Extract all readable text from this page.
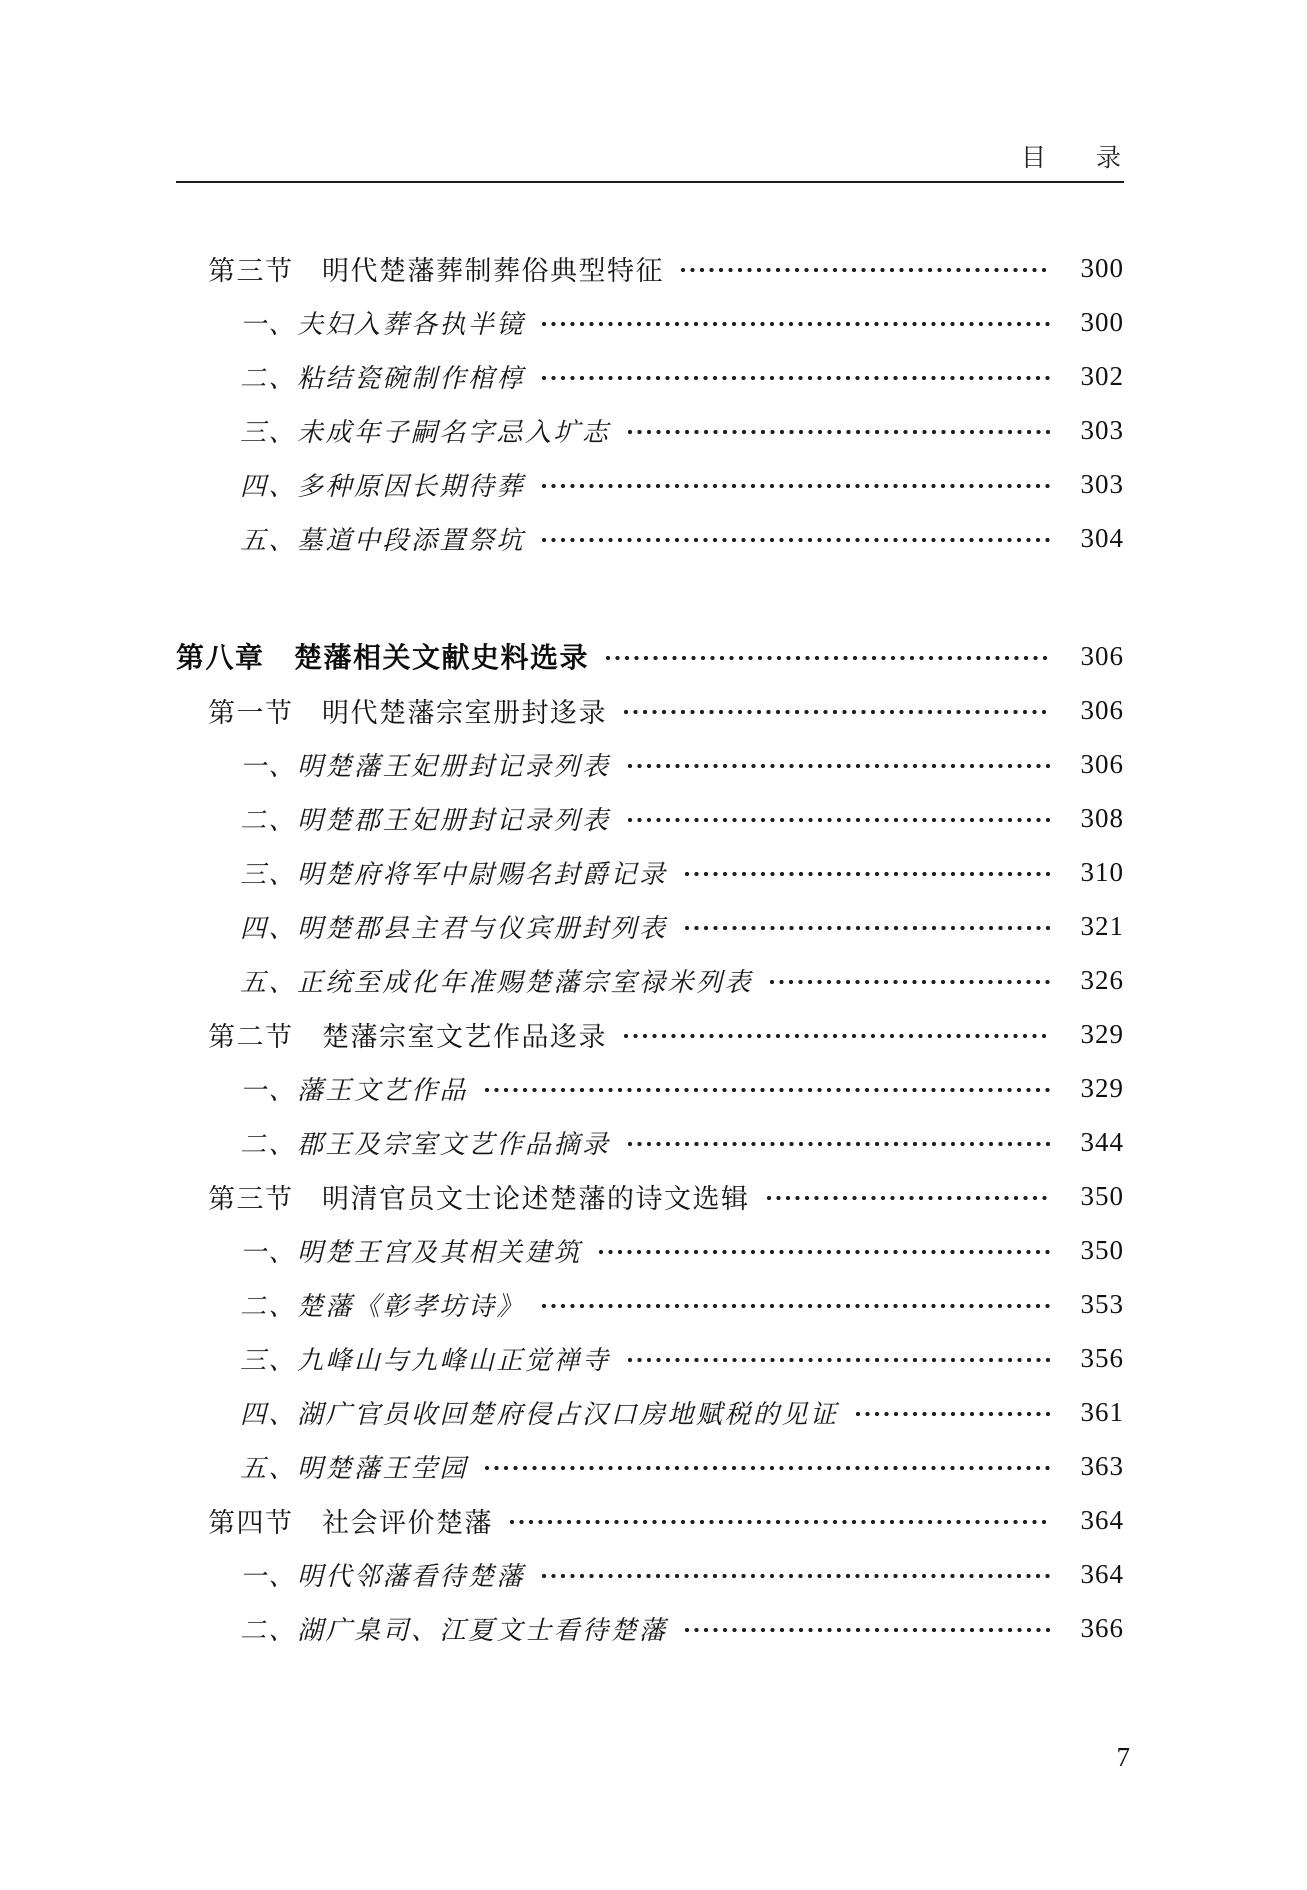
目　　录
第三节　明代楚藩葬制葬俗典型特征	300
一、夫妇入葬各执半镜	300
二、粘结瓷碗制作棺椁	302
三、未成年子嗣名字忌入圹志	303
四、多种原因长期待葬	303
五、墓道中段添置祭坑	304
第八章　楚藩相关文献史料选录	306
第一节　明代楚藩宗室册封迻录	306
一、明楚藩王妃册封记录列表	306
二、明楚郡王妃册封记录列表	308
三、明楚府将军中尉赐名封爵记录	310
四、明楚郡县主君与仪宾册封列表	321
五、正统至成化年准赐楚藩宗室禄米列表	326
第二节　楚藩宗室文艺作品迻录	329
一、藩王文艺作品	329
二、郡王及宗室文艺作品摘录	344
第三节　明清官员文士论述楚藩的诗文选辑	350
一、明楚王宫及其相关建筑	350
二、楚藩《彰孝坊诗》	353
三、九峰山与九峰山正觉禅寺	356
四、湖广官员收回楚府侵占汉口房地赋税的见证	361
五、明楚藩王茔园	363
第四节　社会评价楚藩	364
一、明代邻藩看待楚藩	364
二、湖广臬司、江夏文士看待楚藩	366
7
